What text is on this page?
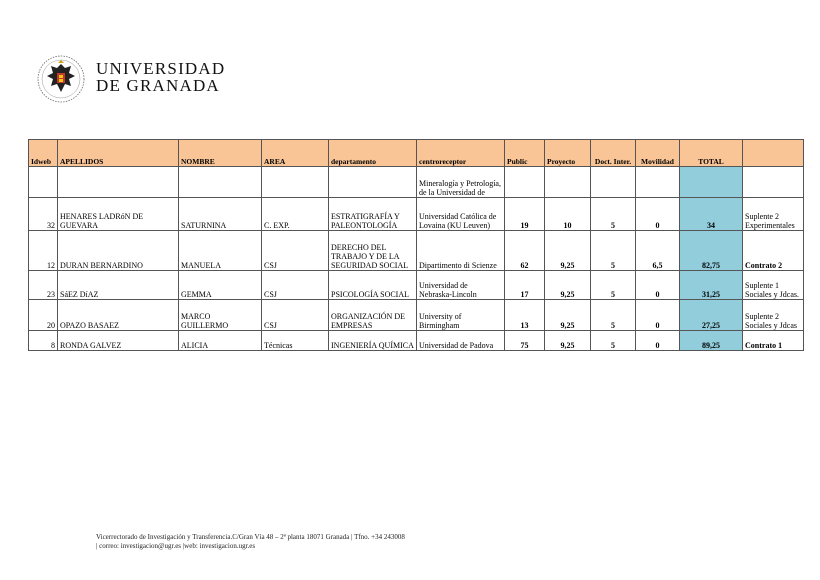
UNIVERSIDAD
DE GRANADA
Idweb	APELLIDOS	NOMBRE	AREA	departamento	centroreceptor	Public	Proyecto	Doct. Inter.	Movilidad	TOTAL	
					Mineralogía y Petrología, de la Universidad de						
32	HENARES LADRóN DE GUEVARA	SATURNINA	C. EXP.	ESTRATIGRAFÍA Y PALEONTOLOGÍA	Universidad Católica de Lovaina (KU Leuven)	19	10	5	0	34	Suplente 2 Experimentales
12	DURAN BERNARDINO	MANUELA	CSJ	DERECHO DEL TRABAJO Y DE LA SEGURIDAD SOCIAL	Dipartimento di Scienze	62	9,25	5	6,5	82,75	Contrato 2
23	SáEZ DíAZ	GEMMA	CSJ	PSICOLOGÍA SOCIAL	Universidad de Nebraska-Lincoln	17	9,25	5	0	31,25	Suplente 1 Sociales y Jdcas.
20	OPAZO BASAEZ	MARCO GUILLERMO	CSJ	ORGANIZACIÓN DE EMPRESAS	University of Birmingham	13	9,25	5	0	27,25	Suplente 2 Sociales y Jdcas
8	RONDA GALVEZ	ALICIA	Técnicas	INGENIERÍA QUÍMICA	Universidad de Padova	75	9,25	5	0	89,25	Contrato 1
Vicerrectorado de Investigación y Transferencia.C/Gran Vía 48 – 2ª planta 18071 Granada | Tfno. +34 243008
| correo: investigacion@ugr.es |web: investigacion.ugr.es
